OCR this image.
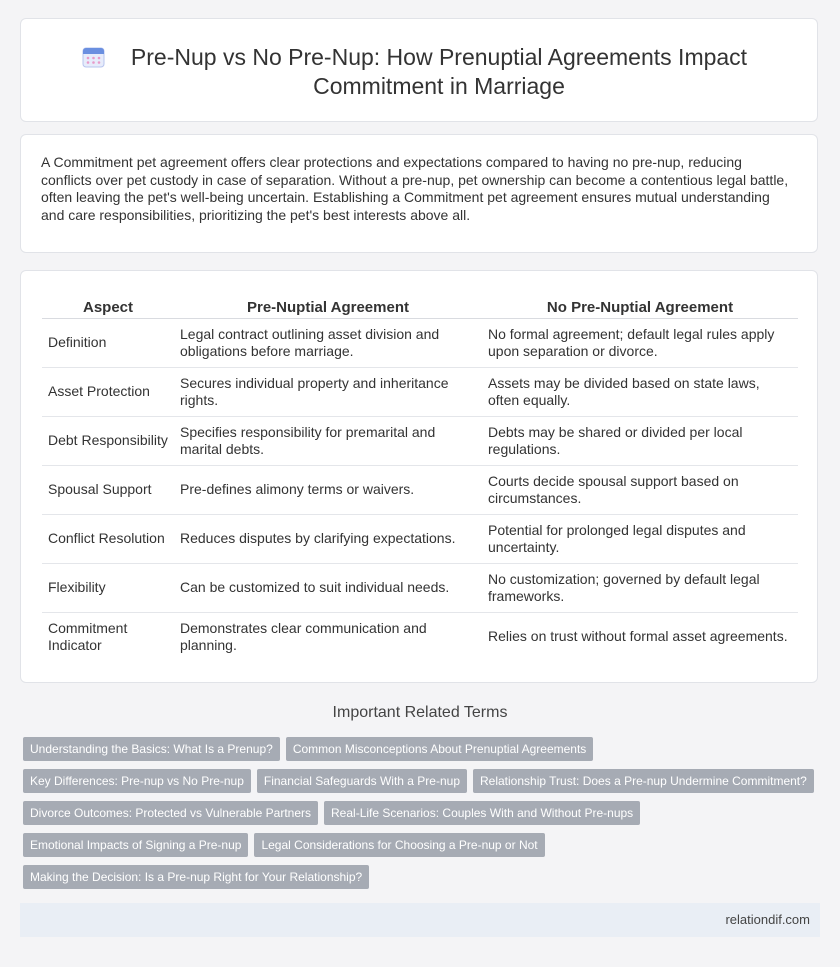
Pre-Nup vs No Pre-Nup: How Prenuptial Agreements Impact Commitment in Marriage

A Commitment pet agreement offers clear protections and expectations compared to having no pre-nup, reducing conflicts over pet custody in case of separation. Without a pre-nup, pet ownership can become a contentious legal battle, often leaving the pet's well-being uncertain. Establishing a Commitment pet agreement ensures mutual understanding and care responsibilities, prioritizing the pet's best interests above all.

Aspect	Pre-Nuptial Agreement	No Pre-Nuptial Agreement
Definition	Legal contract outlining asset division and obligations before marriage.	No formal agreement; default legal rules apply upon separation or divorce.
Asset Protection	Secures individual property and inheritance rights.	Assets may be divided based on state laws, often equally.
Debt Responsibility	Specifies responsibility for premarital and marital debts.	Debts may be shared or divided per local regulations.
Spousal Support	Pre-defines alimony terms or waivers.	Courts decide spousal support based on circumstances.
Conflict Resolution	Reduces disputes by clarifying expectations.	Potential for prolonged legal disputes and uncertainty.
Flexibility	Can be customized to suit individual needs.	No customization; governed by default legal frameworks.
Commitment Indicator	Demonstrates clear communication and planning.	Relies on trust without formal asset agreements.
Important Related Terms
Understanding the Basics: What Is a Prenup? Common Misconceptions About Prenuptial Agreements
Key Differences: Pre-nup vs No Pre-nup Financial Safeguards With a Pre-nup Relationship Trust: Does a Pre-nup Undermine Commitment?
Divorce Outcomes: Protected vs Vulnerable Partners Real-Life Scenarios: Couples With and Without Pre-nups
Emotional Impacts of Signing a Pre-nup Legal Considerations for Choosing a Pre-nup or Not
Making the Decision: Is a Pre-nup Right for Your Relationship?
relationdif.com
